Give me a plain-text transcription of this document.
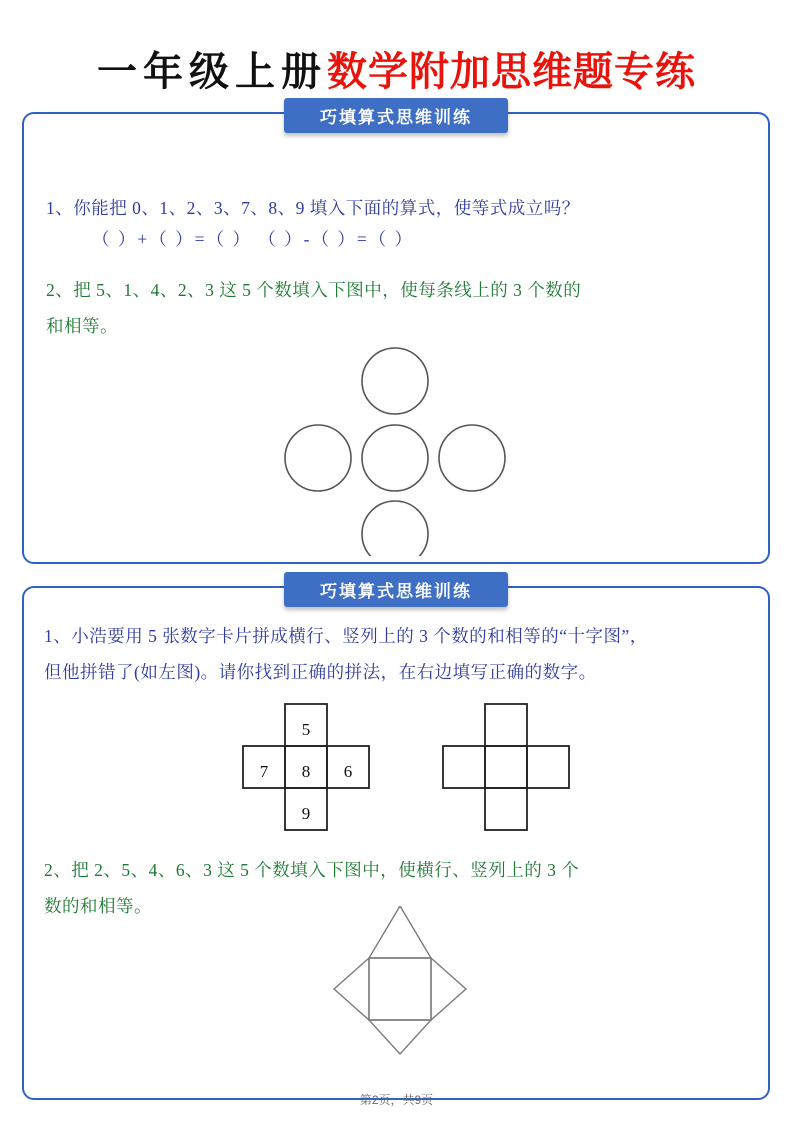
一年级上册数学附加思维题专练
巧填算式思维训练
1、你能把 0、1、2、3、7、8、9 填入下面的算式，使等式成立吗？
（ ）+（ ）=（ ） （ ）-（ ）=（ ）
2、把 5、1、4、2、3 这 5 个数填入下图中，使每条线上的 3 个数的
和相等。
巧填算式思维训练
1、小浩要用 5 张数字卡片拼成横行、竖列上的 3 个数的和相等的“十字图”，
但他拼错了(如左图)。请你找到正确的拼法，在右边填写正确的数字。
5
7 8 6
9
2、把 2、5、4、6、3 这 5 个数填入下图中，使横行、竖列上的 3 个
数的和相等。
第2页，共9页
